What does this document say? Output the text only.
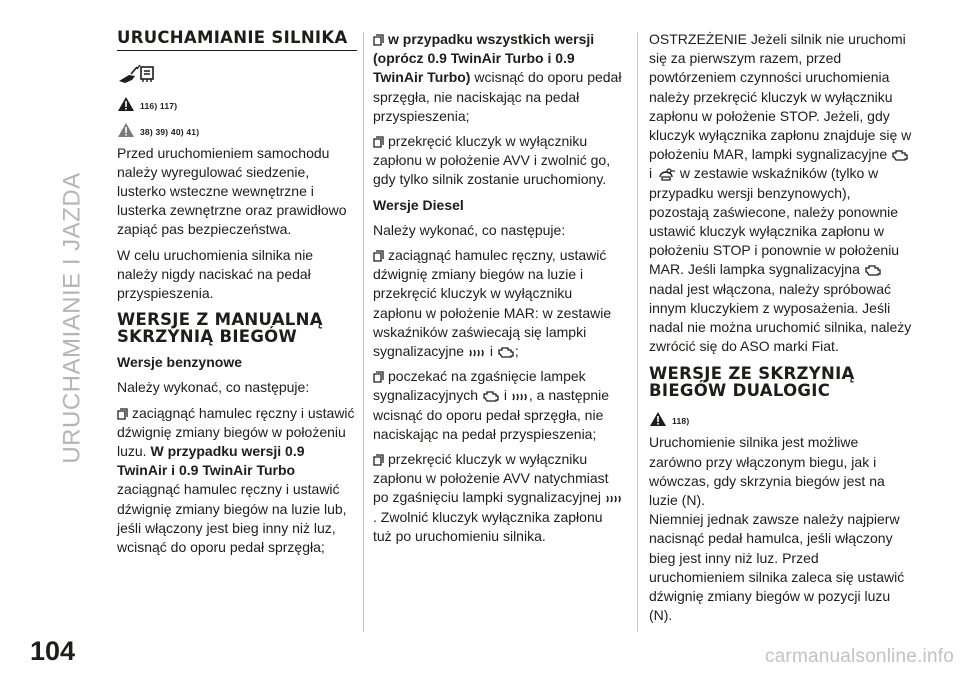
URUCHAMIANIE I JAZDA
URUCHAMIANIE SILNIKA
116) 117)
38) 39) 40) 41)

Przed uruchomieniem samochodu należy wyregulować siedzenie, lusterko wsteczne wewnętrzne i lusterka zewnętrzne oraz prawidłowo zapiąć pas bezpieczeństwa.

W celu uruchomienia silnika nie należy nigdy naciskać na pedał przyspieszenia.

WERSJE Z MANUALNĄ SKRZYNIĄ BIEGÓW
Wersje benzynowe

Należy wykonać, co następuje:

zaciągnąć hamulec ręczny i ustawić dźwignię zmiany biegów w położeniu luzu. W przypadku wersji 0.9 TwinAir i 0.9 TwinAir Turbo zaciągnąć hamulec ręczny i ustawić dźwignię zmiany biegów na luzie lub, jeśli włączony jest bieg inny niż luz, wcisnąć do oporu pedał sprzęgła;

w przypadku wszystkich wersji (oprócz 0.9 TwinAir Turbo i 0.9 TwinAir Turbo) wcisnąć do oporu pedał sprzęgła, nie naciskając na pedał przyspieszenia;

przekręcić kluczyk w wyłączniku zapłonu w położenie AVV i zwolnić go, gdy tylko silnik zostanie uruchomiony.

Wersje Diesel

Należy wykonać, co następuje:

zaciągnąć hamulec ręczny, ustawić dźwignię zmiany biegów na luzie i przekręcić kluczyk w wyłączniku zapłonu w położenie MAR: w zestawie wskaźników zaświecają się lampki sygnalizacyjne i ;

poczekać na zgaśnięcie lampek sygnalizacyjnych i , a następnie wcisnąć do oporu pedał sprzęgła, nie naciskając na pedał przyspieszenia;

przekręcić kluczyk w wyłączniku zapłonu w położenie AVV natychmiast po zgaśnięciu lampki sygnalizacyjnej . Zwolnić kluczyk wyłącznika zapłonu tuż po uruchomieniu silnika.

OSTRZEŻENIE Jeżeli silnik nie uruchomi się za pierwszym razem, przed powtórzeniem czynności uruchomienia należy przekręcić kluczyk w wyłączniku zapłonu w położenie STOP. Jeżeli, gdy kluczyk wyłącznika zapłonu znajduje się w położeniu MAR, lampki sygnalizacyjne  i w zestawie wskaźników (tylko w przypadku wersji benzynowych), pozostają zaświecone, należy ponownie ustawić kluczyk wyłącznika zapłonu w położeniu STOP i ponownie w położeniu MAR. Jeśli lampka sygnalizacyjna nadal jest włączona, należy spróbować innym kluczykiem z wyposażenia. Jeśli nadal nie można uruchomić silnika, należy zwrócić się do ASO marki Fiat.

WERSJE ZE SKRZYNIĄ BIEGÓW DUALOGIC
118)

Uruchomienie silnika jest możliwe zarówno przy włączonym biegu, jak i wówczas, gdy skrzynia biegów jest na luzie (N).

Niemniej jednak zawsze należy najpierw nacisnąć pedał hamulca, jeśli włączony bieg jest inny niż luz. Przed uruchomieniem silnika zaleca się ustawić dźwignię zmiany biegów w pozycji luzu (N).

104	carmanualsonline.info
